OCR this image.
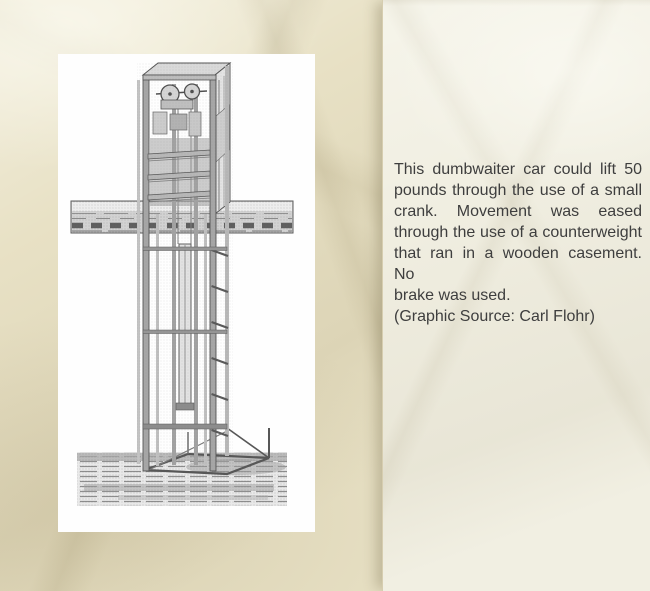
This dumbwaiter car could lift 50
pounds through the use of a small
crank. Movement was eased
through the use of a counterweight
that ran in a wooden casement. No
brake was used.
(Graphic Source: Carl Flohr)
